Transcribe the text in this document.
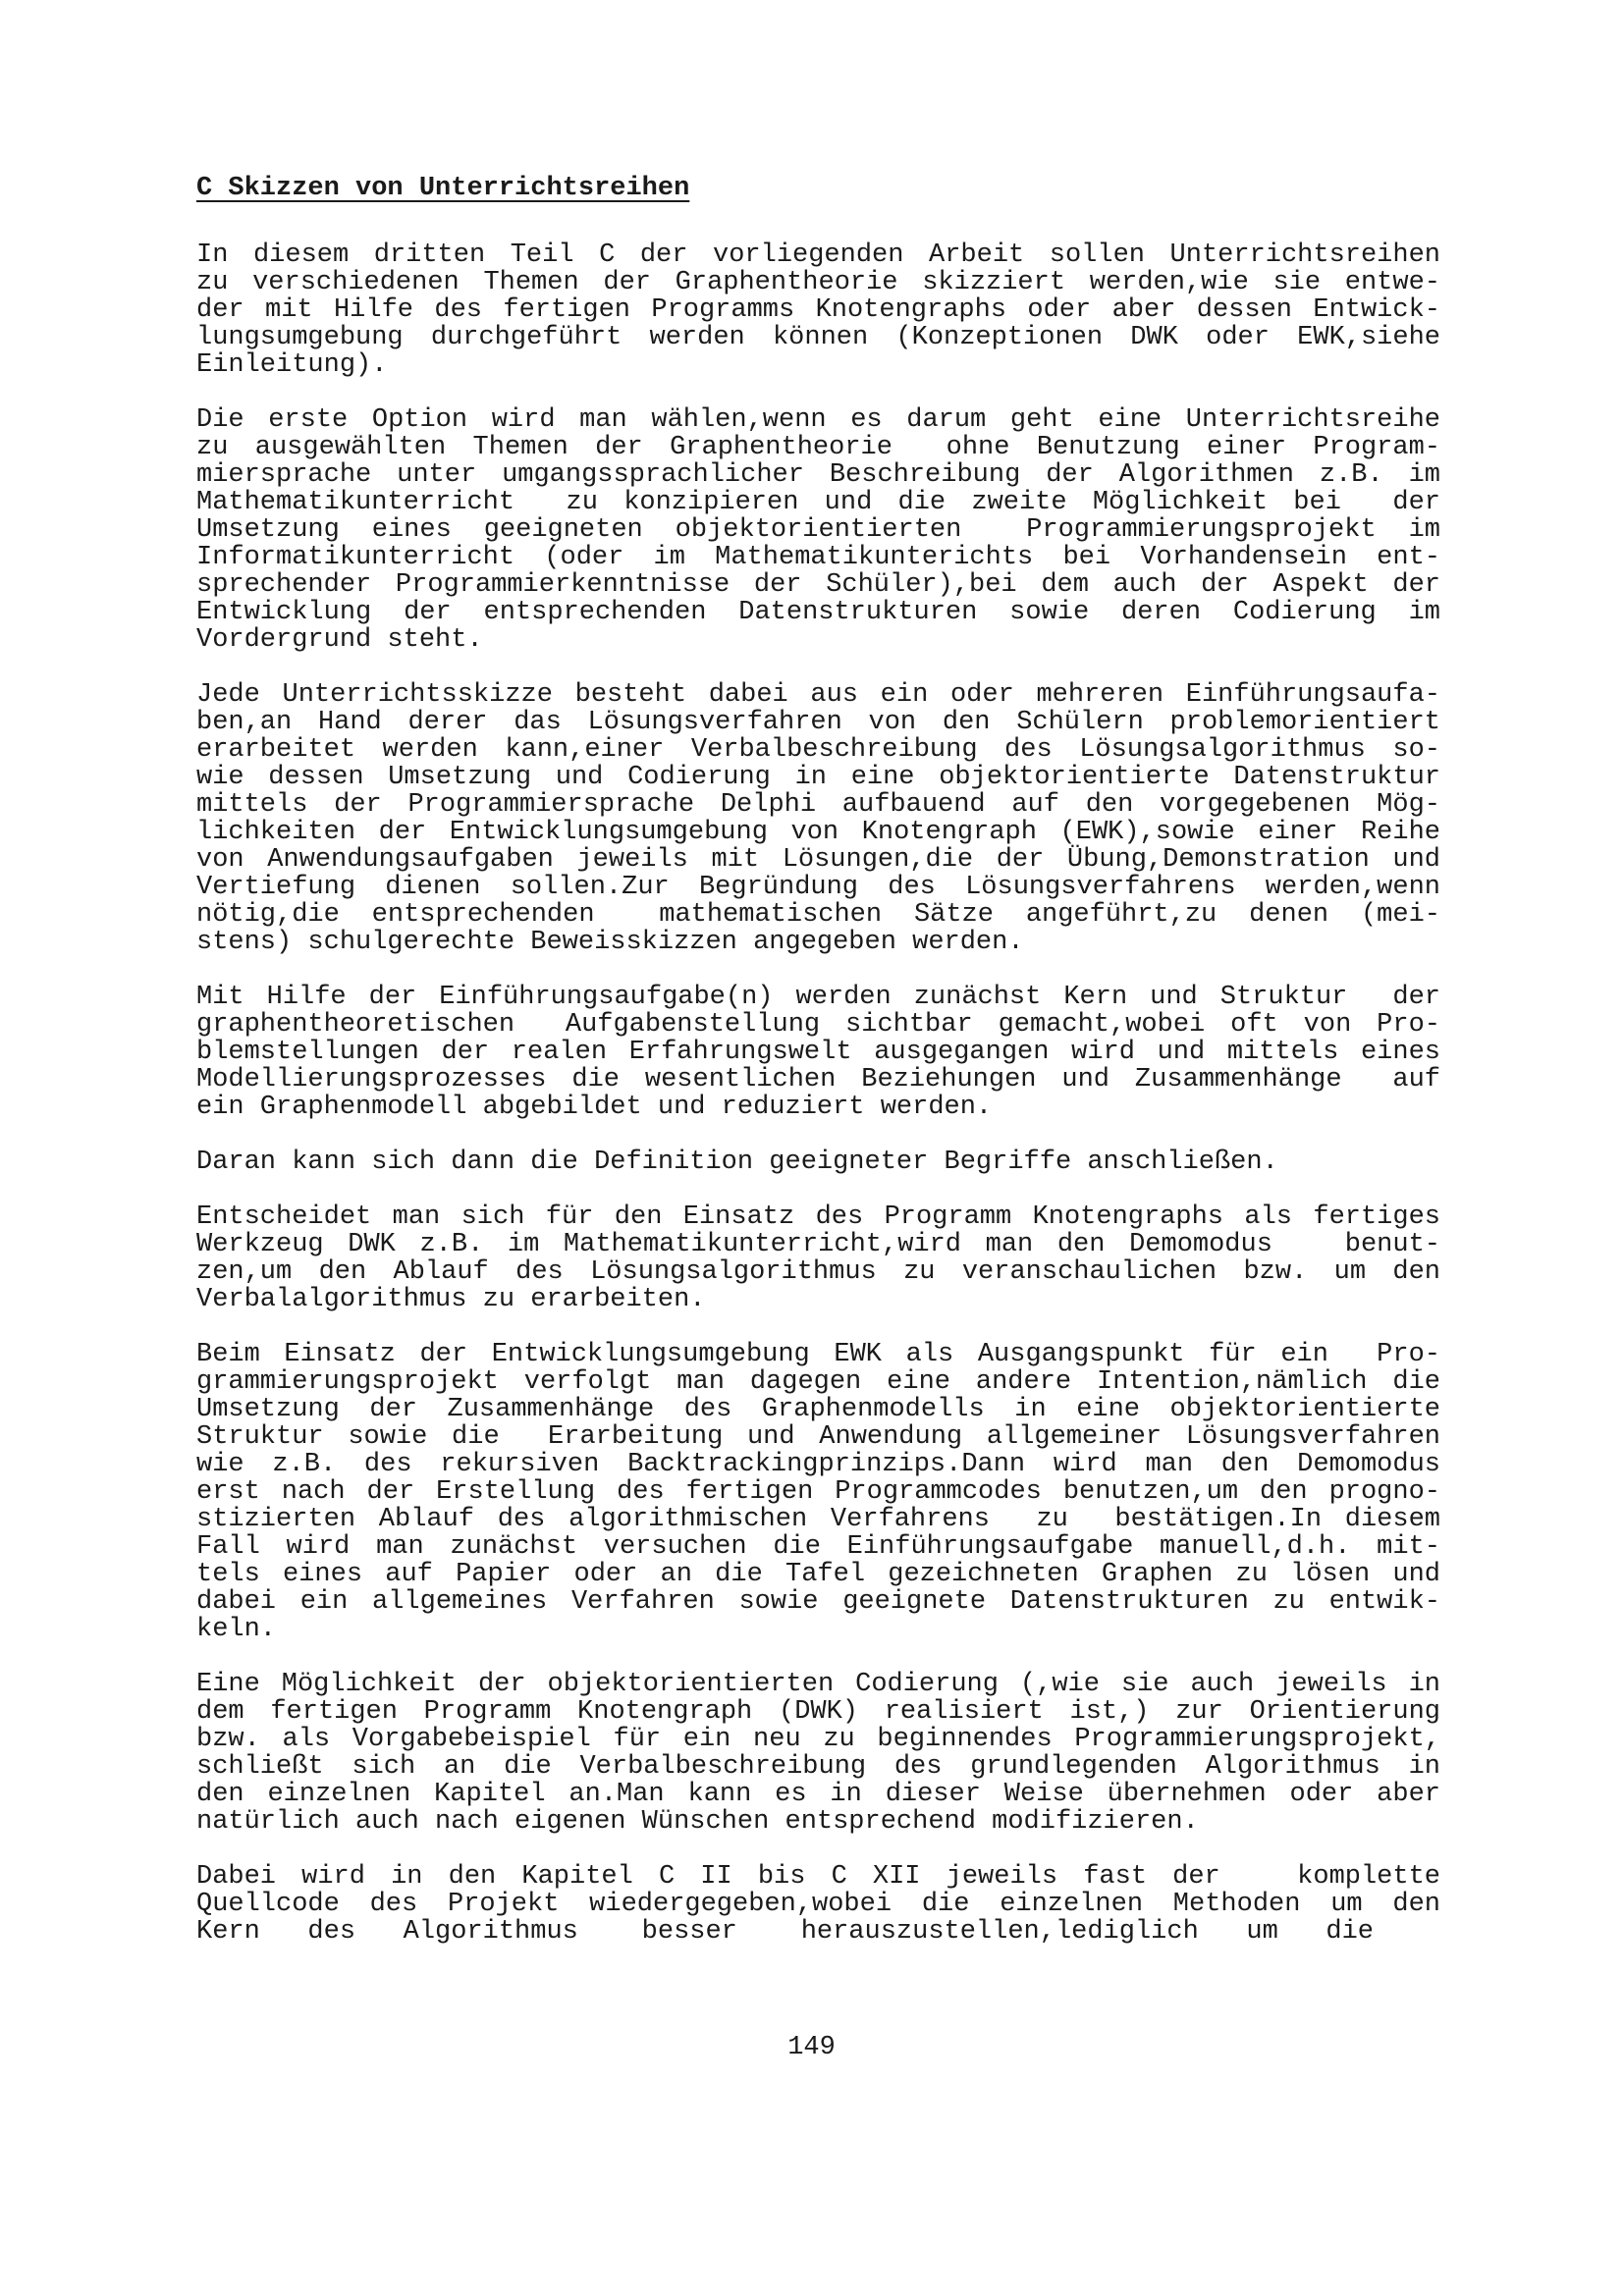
C Skizzen von Unterrichtsreihen
In diesem dritten Teil C der vorliegenden Arbeit sollen Unterrichtsreihen
zu verschiedenen Themen der Graphentheorie skizziert werden,wie sie entwe-
der mit Hilfe des fertigen Programms Knotengraphs oder aber dessen Entwick-
lungsumgebung durchgeführt werden können (Konzeptionen DWK oder EWK,siehe
Einleitung).
Die erste Option wird man wählen,wenn es darum geht eine Unterrichtsreihe
zu ausgewählten Themen der Graphentheorie  ohne Benutzung einer Program-
miersprache unter umgangssprachlicher Beschreibung der Algorithmen z.B. im
Mathematikunterricht  zu konzipieren und die zweite Möglichkeit bei  der
Umsetzung eines geeigneten objektorientierten  Programmierungsprojekt im
Informatikunterricht (oder im Mathematikunterichts bei Vorhandensein ent-
sprechender Programmierkenntnisse der Schüler),bei dem auch der Aspekt der
Entwicklung der entsprechenden Datenstrukturen sowie deren Codierung im
Vordergrund steht.
Jede Unterrichtsskizze besteht dabei aus ein oder mehreren Einführungsaufa-
ben,an Hand derer das Lösungsverfahren von den Schülern problemorientiert
erarbeitet werden kann,einer Verbalbeschreibung des Lösungsalgorithmus so-
wie dessen Umsetzung und Codierung in eine objektorientierte Datenstruktur
mittels der Programmiersprache Delphi aufbauend auf den vorgegebenen Mög-
lichkeiten der Entwicklungsumgebung von Knotengraph (EWK),sowie einer Reihe
von Anwendungsaufgaben jeweils mit Lösungen,die der Übung,Demonstration und
Vertiefung dienen sollen.Zur Begründung des Lösungsverfahrens werden,wenn
nötig,die entsprechenden  mathematischen Sätze angeführt,zu denen (mei-
stens) schulgerechte Beweisskizzen angegeben werden.
Mit Hilfe der Einführungsaufgabe(n) werden zunächst Kern und Struktur  der
graphentheoretischen  Aufgabenstellung sichtbar gemacht,wobei oft von Pro-
blemstellungen der realen Erfahrungswelt ausgegangen wird und mittels eines
Modellierungsprozesses die wesentlichen Beziehungen und Zusammenhänge  auf
ein Graphenmodell abgebildet und reduziert werden.
Daran kann sich dann die Definition geeigneter Begriffe anschließen.
Entscheidet man sich für den Einsatz des Programm Knotengraphs als fertiges
Werkzeug DWK z.B. im Mathematikunterricht,wird man den Demomodus   benut-
zen,um den Ablauf des Lösungsalgorithmus zu veranschaulichen bzw. um den
Verbalalgorithmus zu erarbeiten.
Beim Einsatz der Entwicklungsumgebung EWK als Ausgangspunkt für ein  Pro-
grammierungsprojekt verfolgt man dagegen eine andere Intention,nämlich die
Umsetzung der Zusammenhänge des Graphenmodells in eine objektorientierte
Struktur sowie die  Erarbeitung und Anwendung allgemeiner Lösungsverfahren
wie z.B. des rekursiven Backtrackingprinzips.Dann wird man den Demomodus
erst nach der Erstellung des fertigen Programmcodes benutzen,um den progno-
stizierten Ablauf des algorithmischen Verfahrens  zu  bestätigen.In diesem
Fall wird man zunächst versuchen die Einführungsaufgabe manuell,d.h. mit-
tels eines auf Papier oder an die Tafel gezeichneten Graphen zu lösen und
dabei ein allgemeines Verfahren sowie geeignete Datenstrukturen zu entwik-
keln.
Eine Möglichkeit der objektorientierten Codierung (,wie sie auch jeweils in
dem fertigen Programm Knotengraph (DWK) realisiert ist,) zur Orientierung
bzw. als Vorgabebeispiel für ein neu zu beginnendes Programmierungsprojekt,
schließt sich an die Verbalbeschreibung des grundlegenden Algorithmus in
den einzelnen Kapitel an.Man kann es in dieser Weise übernehmen oder aber
natürlich auch nach eigenen Wünschen entsprechend modifizieren.
Dabei wird in den Kapitel C II bis C XII jeweils fast der   komplette
Quellcode des Projekt wiedergegeben,wobei die einzelnen Methoden um den
Kern   des   Algorithmus    besser    herauszustellen,lediglich   um   die
149
